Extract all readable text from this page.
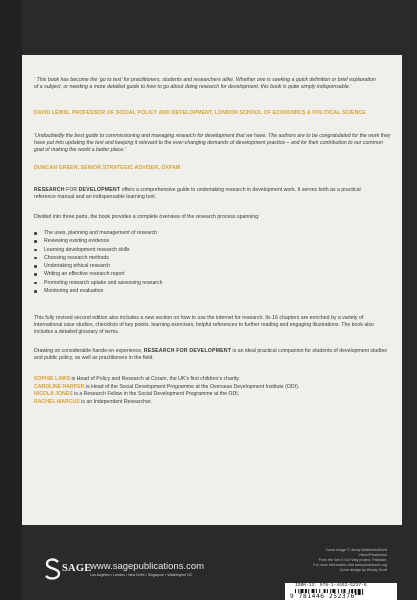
‘ This book has become the ‘go to text’ for practitioners, students and researchers alike. Whether one is seeking a quick definition or brief explanation of a subject, or needing a more detailed guide to how to go about doing research for development, this book is quite simply indispensable.’
DAVID LEWIS, PROFESSOR OF SOCIAL POLICY AND DEVELOPMENT, LONDON SCHOOL OF ECONOMICS & POLITICAL SCIENCE
‘Undoubtedly the best guide to commissioning and managing research for development that we have. The authors are to be congratulated for the work they have put into updating the text and keeping it relevant to the ever-changing demands of development practice – and for their contribution to our common goal of making the world a better place.’
DUNCAN GREEN, SENIOR STRATEGIC ADVISER, OXFAM
RESEARCH FOR DEVELOPMENT offers a comprehensive guide to undertaking research in development work. It serves both as a practical reference manual and an indispensable learning tool.
Divided into three parts, the book provides a complete overview of the research process spanning:
The uses, planning and management of research
Reviewing existing evidence
Learning development research skills
Choosing research methods
Undertaking ethical research
Writing an effective research report
Promoting research uptake and assessing research
Monitoring and evaluation
This fully revised second edition also includes a new section on how to use the internet for research. Its 16 chapters are enriched by a variety of international case studies, checklists of key points, learning exercises, helpful references to further reading and engaging illustrations. The book also includes a detailed glossary of terms.
Drawing on considerable hands-on experience, RESEARCH FOR DEVELOPMENT is an ideal practical companion for students of development studies and public policy, as well as practitioners in the field.
SOPHIE LAWS is Head of Policy and Research at Coram, the UK’s first children’s charity.
CAROLINE HARPER is Head of the Social Development Programme at the Overseas Development Institute (ODI).
NICOLA JONES is a Research Fellow in the Social Development Programme at the ODI.
RACHEL MARCUS is an Independent Researcher.
Cover image © Jenny Matthews/World Vision/Photovoice
From the See It Our Way project, Pakistan.
For more information visit www.photovoice.org
Cover design by Wendy Scott
SAGE
www.sagepublications.com
Los Angeles • London • New Delhi • Singapore • Washington DC
ISBN-13: 978-1-4462-5237-6
9 781446 252376
